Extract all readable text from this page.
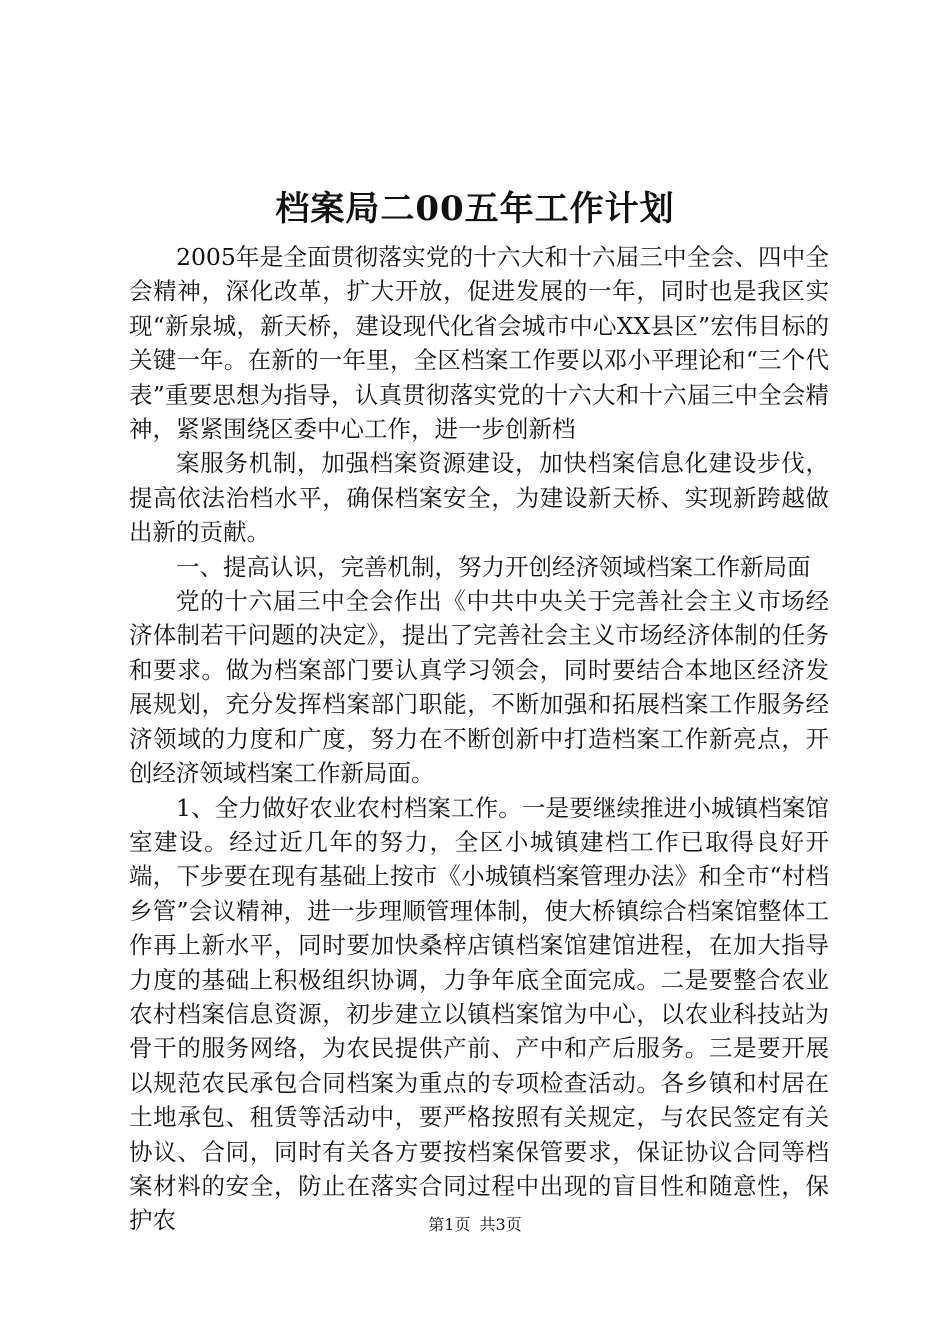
档案局二00五年工作计划

2005年是全面贯彻落实党的十六大和十六届三中全会、四中全会精神，深化改革，扩大开放，促进发展的一年，同时也是我区实现“新泉城，新天桥，建设现代化省会城市中心XX县区”宏伟目标的关键一年。在新的一年里，全区档案工作要以邓小平理论和“三个代表”重要思想为指导，认真贯彻落实党的十六大和十六届三中全会精神，紧紧围绕区委中心工作，进一步创新档

案服务机制，加强档案资源建设，加快档案信息化建设步伐，提高依法治档水平，确保档案安全，为建设新天桥、实现新跨越做出新的贡献。

一、提高认识，完善机制，努力开创经济领域档案工作新局面

党的十六届三中全会作出《中共中央关于完善社会主义市场经济体制若干问题的决定》，提出了完善社会主义市场经济体制的任务和要求。做为档案部门要认真学习领会，同时要结合本地区经济发展规划，充分发挥档案部门职能，不断加强和拓展档案工作服务经济领域的力度和广度，努力在不断创新中打造档案工作新亮点，开创经济领域档案工作新局面。

1、全力做好农业农村档案工作。一是要继续推进小城镇档案馆室建设。经过近几年的努力，全区小城镇建档工作已取得良好开端，下步要在现有基础上按市《小城镇档案管理办法》和全市“村档乡管”会议精神，进一步理顺管理体制，使大桥镇综合档案馆整体工作再上新水平，同时要加快桑梓店镇档案馆建馆进程，在加大指导力度的基础上积极组织协调，力争年底全面完成。二是要整合农业农村档案信息资源，初步建立以镇档案馆为中心，以农业科技站为骨干的服务网络，为农民提供产前、产中和产后服务。三是要开展以规范农民承包合同档案为重点的专项检查活动。各乡镇和村居在土地承包、租赁等活动中，要严格按照有关规定，与农民签定有关协议、合同，同时有关各方要按档案保管要求，保证协议合同等档案材料的安全，防止在落实合同过程中出现的盲目性和随意性，保护农	第1页 共3页
